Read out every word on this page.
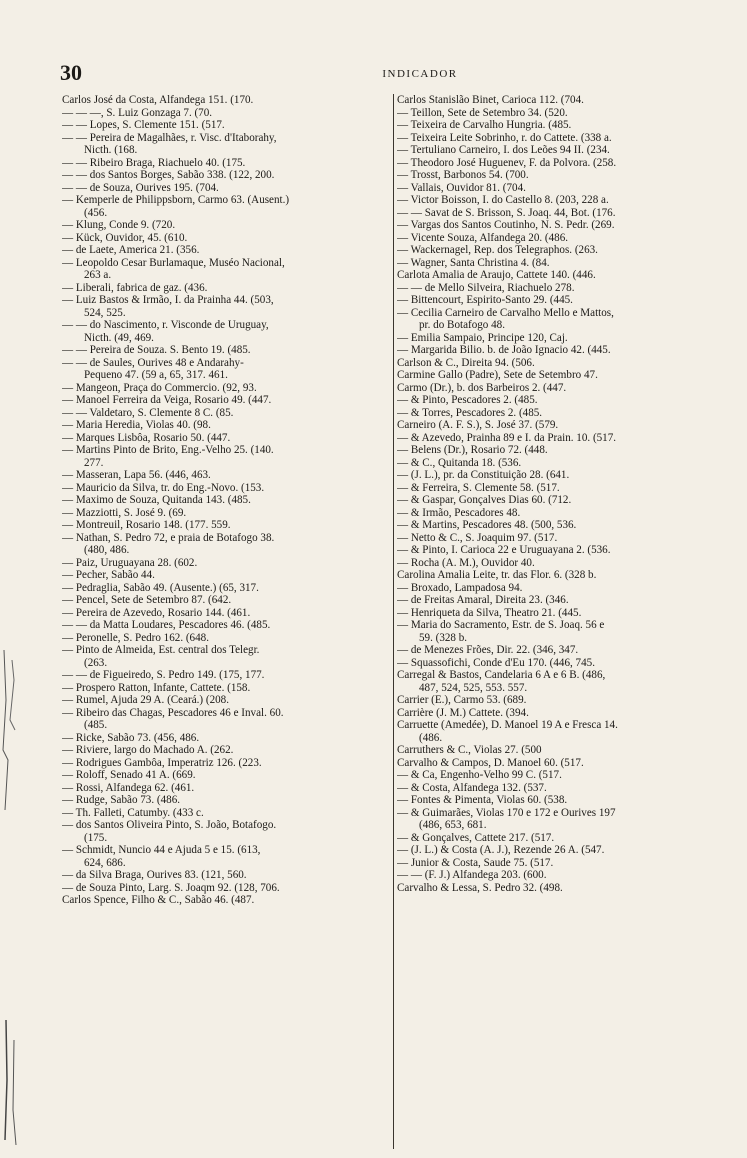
30	INDICADOR
Carlos José da Costa, Alfandega 151. (170.
— — —, S. Luiz Gonzaga 7. (70.
— — Lopes, S. Clemente 151. (517.
— — Pereira de Magalhães, r. Visc. d'Itaborahy,
Nicth. (168.
— — Ribeiro Braga, Riachuelo 40. (175.
— — dos Santos Borges, Sabão 338. (122, 200.
— — de Souza, Ourives 195. (704.
— Kemperle de Philippsborn, Carmo 63. (Ausent.)
(456.
— Klung, Conde 9. (720.
— Kück, Ouvidor, 45. (610.
— de Laete, America 21. (356.
— Leopoldo Cesar Burlamaque, Muséo Nacional,
263 a.
— Liberali, fabrica de gaz. (436.
— Luiz Bastos & Irmão, I. da Prainha 44. (503,
524, 525.
— — do Nascimento, r. Visconde de Uruguay,
Nicth. (49, 469.
— — Pereira de Souza. S. Bento 19. (485.
— — de Saules, Ourives 48 e Andarahy-
Pequeno 47. (59 a, 65, 317. 461.
— Mangeon, Praça do Commercio. (92, 93.
— Manoel Ferreira da Veiga, Rosario 49. (447.
— — Valdetaro, S. Clemente 8 C. (85.
— Maria Heredia, Violas 40. (98.
— Marques Lisbôa, Rosario 50. (447.
— Martins Pinto de Brito, Eng.-Velho 25. (140.
277.
— Masseran, Lapa 56. (446, 463.
— Mauricio da Silva, tr. do Eng.-Novo. (153.
— Maximo de Souza, Quitanda 143. (485.
— Mazziotti, S. José 9. (69.
— Montreuil, Rosario 148. (177. 559.
— Nathan, S. Pedro 72, e praia de Botafogo 38.
(480, 486.
— Paiz, Uruguayana 28. (602.
— Pecher, Sabão 44.
— Pedraglia, Sabão 49. (Ausente.) (65, 317.
— Pencel, Sete de Setembro 87. (642.
— Pereira de Azevedo, Rosario 144. (461.
— — da Matta Loudares, Pescadores 46. (485.
— Peronelle, S. Pedro 162. (648.
— Pinto de Almeida, Est. central dos Telegr.
(263.
— — de Figueiredo, S. Pedro 149. (175, 177.
— Prospero Ratton, Infante, Cattete. (158.
— Rumel, Ajuda 29 A. (Ceará.) (208.
— Ribeiro das Chagas, Pescadores 46 e Inval. 60.
(485.
— Ricke, Sabão 73. (456, 486.
— Riviere, largo do Machado A. (262.
— Rodrigues Gambôa, Imperatriz 126. (223.
— Roloff, Senado 41 A. (669.
— Rossi, Alfandega 62. (461.
— Rudge, Sabão 73. (486.
— Th. Falleti, Catumby. (433 c.
— dos Santos Oliveira Pinto, S. João, Botafogo.
(175.
— Schmidt, Nuncio 44 e Ajuda 5 e 15. (613,
624, 686.
— da Silva Braga, Ourives 83. (121, 560.
— de Souza Pinto, Larg. S. Joaqm 92. (128, 706.
Carlos Spence, Filho & C., Sabão 46. (487.
Carlos Stanislão Binet, Carioca 112. (704.
— Teillon, Sete de Setembro 34. (520.
— Teixeira de Carvalho Hungria. (485.
— Teixeira Leite Sobrinho, r. do Cattete. (338 a.
— Tertuliano Carneiro, I. dos Leões 94 II. (234.
— Theodoro José Huguenev, F. da Polvora. (258.
— Trosst, Barbonos 54. (700.
— Vallais, Ouvidor 81. (704.
— Victor Boisson, I. do Castello 8. (203, 228 a.
— — Savat de S. Brisson, S. Joaq. 44, Bot. (176.
— Vargas dos Santos Coutinho, N. S. Pedr. (269.
— Vicente Souza, Alfandega 20. (486.
— Wackernagel, Rep. dos Telegraphos. (263.
— Wagner, Santa Christina 4. (84.
Carlota Amalia de Araujo, Cattete 140. (446.
— — de Mello Silveira, Riachuelo 278.
— Bittencourt, Espirito-Santo 29. (445.
— Cecilia Carneiro de Carvalho Mello e Mattos,
pr. do Botafogo 48.
— Emilia Sampaio, Principe 120, Caj.
— Margarida Bilio. b. de João Ignacio 42. (445.
Carlson & C., Direita 94. (506.
Carmine Gallo (Padre), Sete de Setembro 47.
Carmo (Dr.), b. dos Barbeiros 2. (447.
— & Pinto, Pescadores 2. (485.
— & Torres, Pescadores 2. (485.
Carneiro (A. F. S.), S. José 37. (579.
— & Azevedo, Prainha 89 e I. da Prain. 10. (517.
— Belens (Dr.), Rosario 72. (448.
— & C., Quitanda 18. (536.
— (J. L.), pr. da Constituição 28. (641.
— & Ferreira, S. Clemente 58. (517.
— & Gaspar, Gonçalves Dias 60. (712.
— & Irmão, Pescadores 48.
— & Martins, Pescadores 48. (500, 536.
— Netto & C., S. Joaquim 97. (517.
— & Pinto, I. Carioca 22 e Uruguayana 2. (536.
— Rocha (A. M.), Ouvidor 40.
Carolina Amalia Leite, tr. das Flor. 6. (328 b.
— Broxado, Lampadosa 94.
— de Freitas Amaral, Direita 23. (346.
— Henriqueta da Silva, Theatro 21. (445.
— Maria do Sacramento, Estr. de S. Joaq. 56 e
59. (328 b.
— de Menezes Frões, Dir. 22. (346, 347.
— Squassofichi, Conde d'Eu 170. (446, 745.
Carregal & Bastos, Candelaria 6 A e 6 B. (486,
487, 524, 525, 553. 557.
Carrier (E.), Carmo 53. (689.
Carrière (J. M.) Cattete. (394.
Carruette (Amedée), D. Manoel 19 A e Fresca 14.
(486.
Carruthers & C., Violas 27. (500
Carvalho & Campos, D. Manoel 60. (517.
— & Ca, Engenho-Velho 99 C. (517.
— & Costa, Alfandega 132. (537.
— Fontes & Pimenta, Violas 60. (538.
— & Guimarães, Violas 170 e 172 e Ourives 197
(486, 653, 681.
— & Gonçalves, Cattete 217. (517.
— (J. L.) & Costa (A. J.), Rezende 26 A. (547.
— Junior & Costa, Saude 75. (517.
— — (F. J.) Alfandega 203. (600.
Carvalho & Lessa, S. Pedro 32. (498.
